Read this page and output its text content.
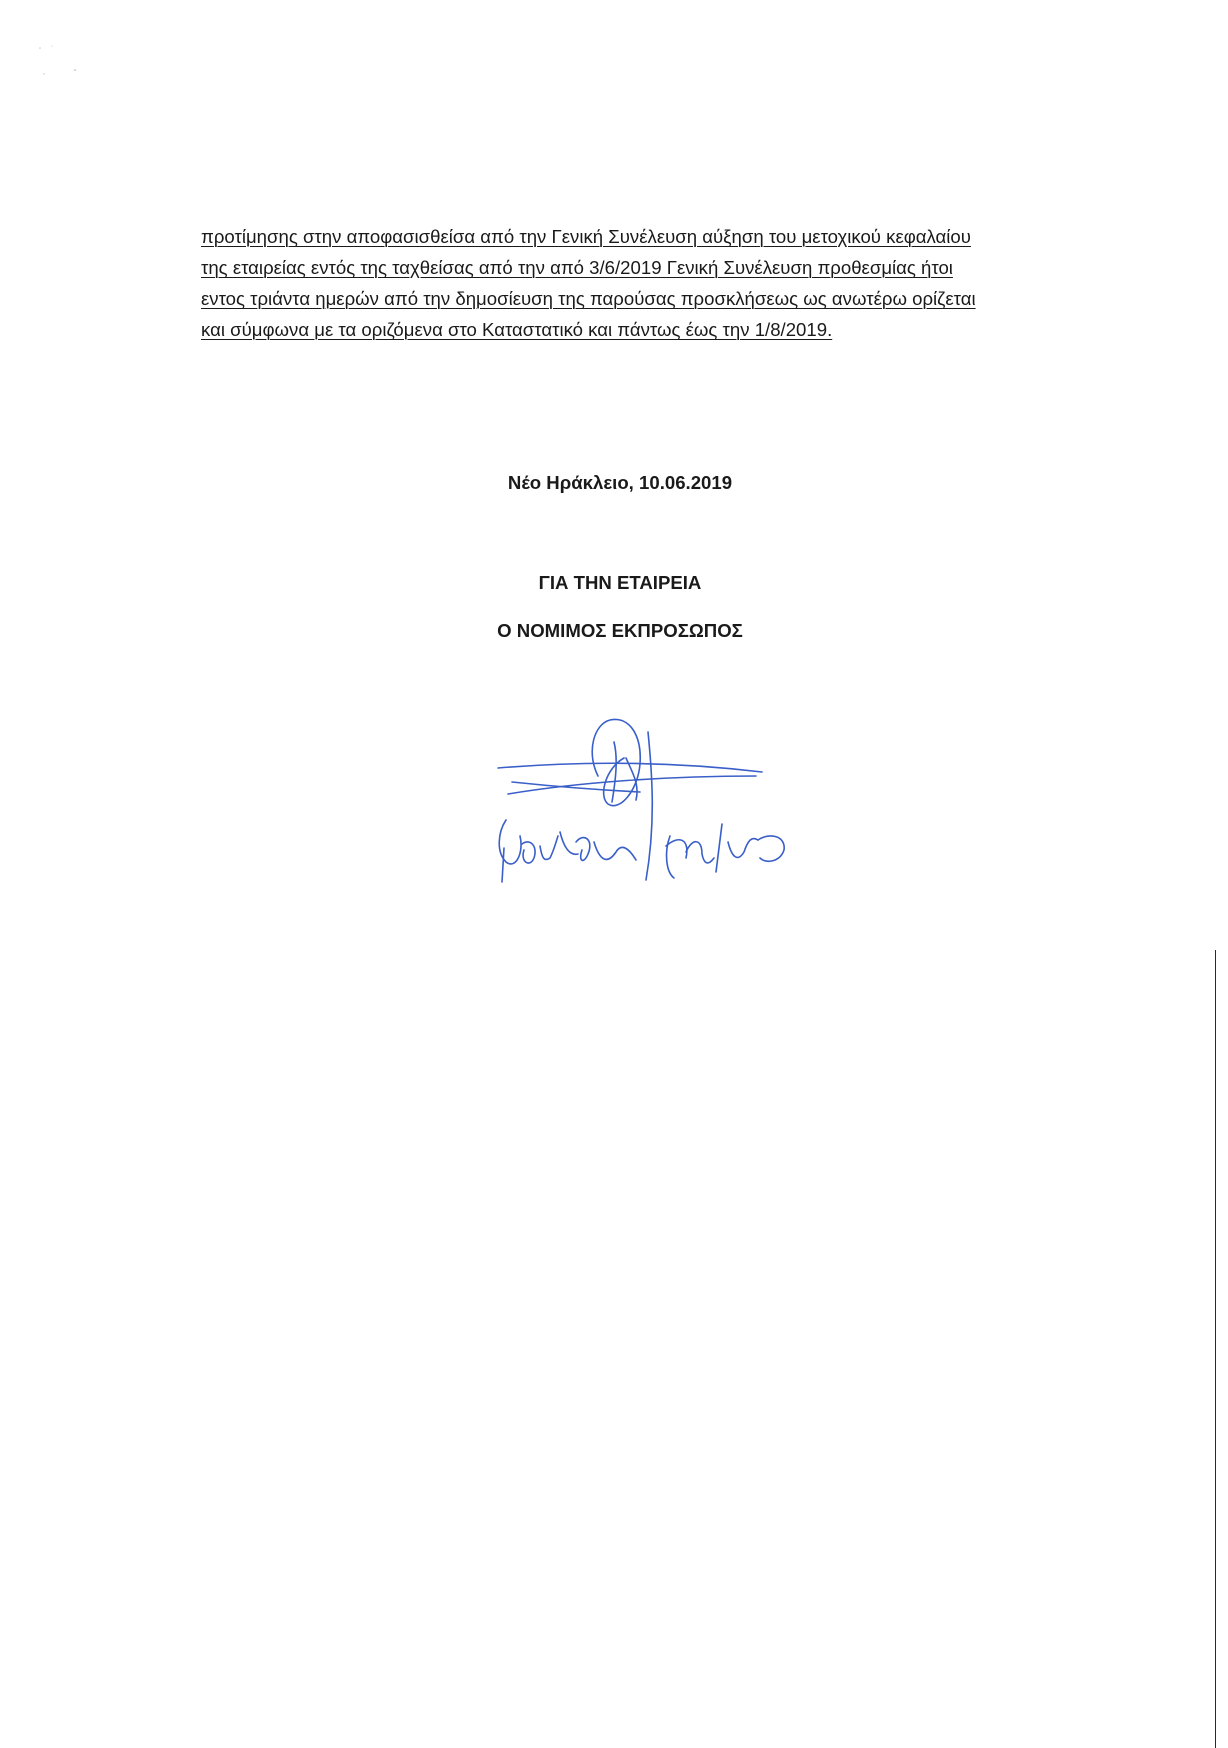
προτίμησης στην αποφασισθείσα από την Γενική Συνέλευση αύξηση του μετοχικού κεφαλαίου
της εταιρείας εντός της ταχθείσας από την από 3/6/2019 Γενική Συνέλευση προθεσμίας ήτοι
εντος τριάντα ημερών από την δημοσίευση της παρούσας προσκλήσεως ως ανωτέρω ορίζεται
και σύμφωνα με τα οριζόμενα στο Καταστατικό και πάντως έως την 1/8/2019.

Νέο Ηράκλειο, 10.06.2019

ΓΙΑ ΤΗΝ ΕΤΑΙΡΕΙΑ

Ο ΝΟΜΙΜΟΣ ΕΚΠΡΟΣΩΠΟΣ
